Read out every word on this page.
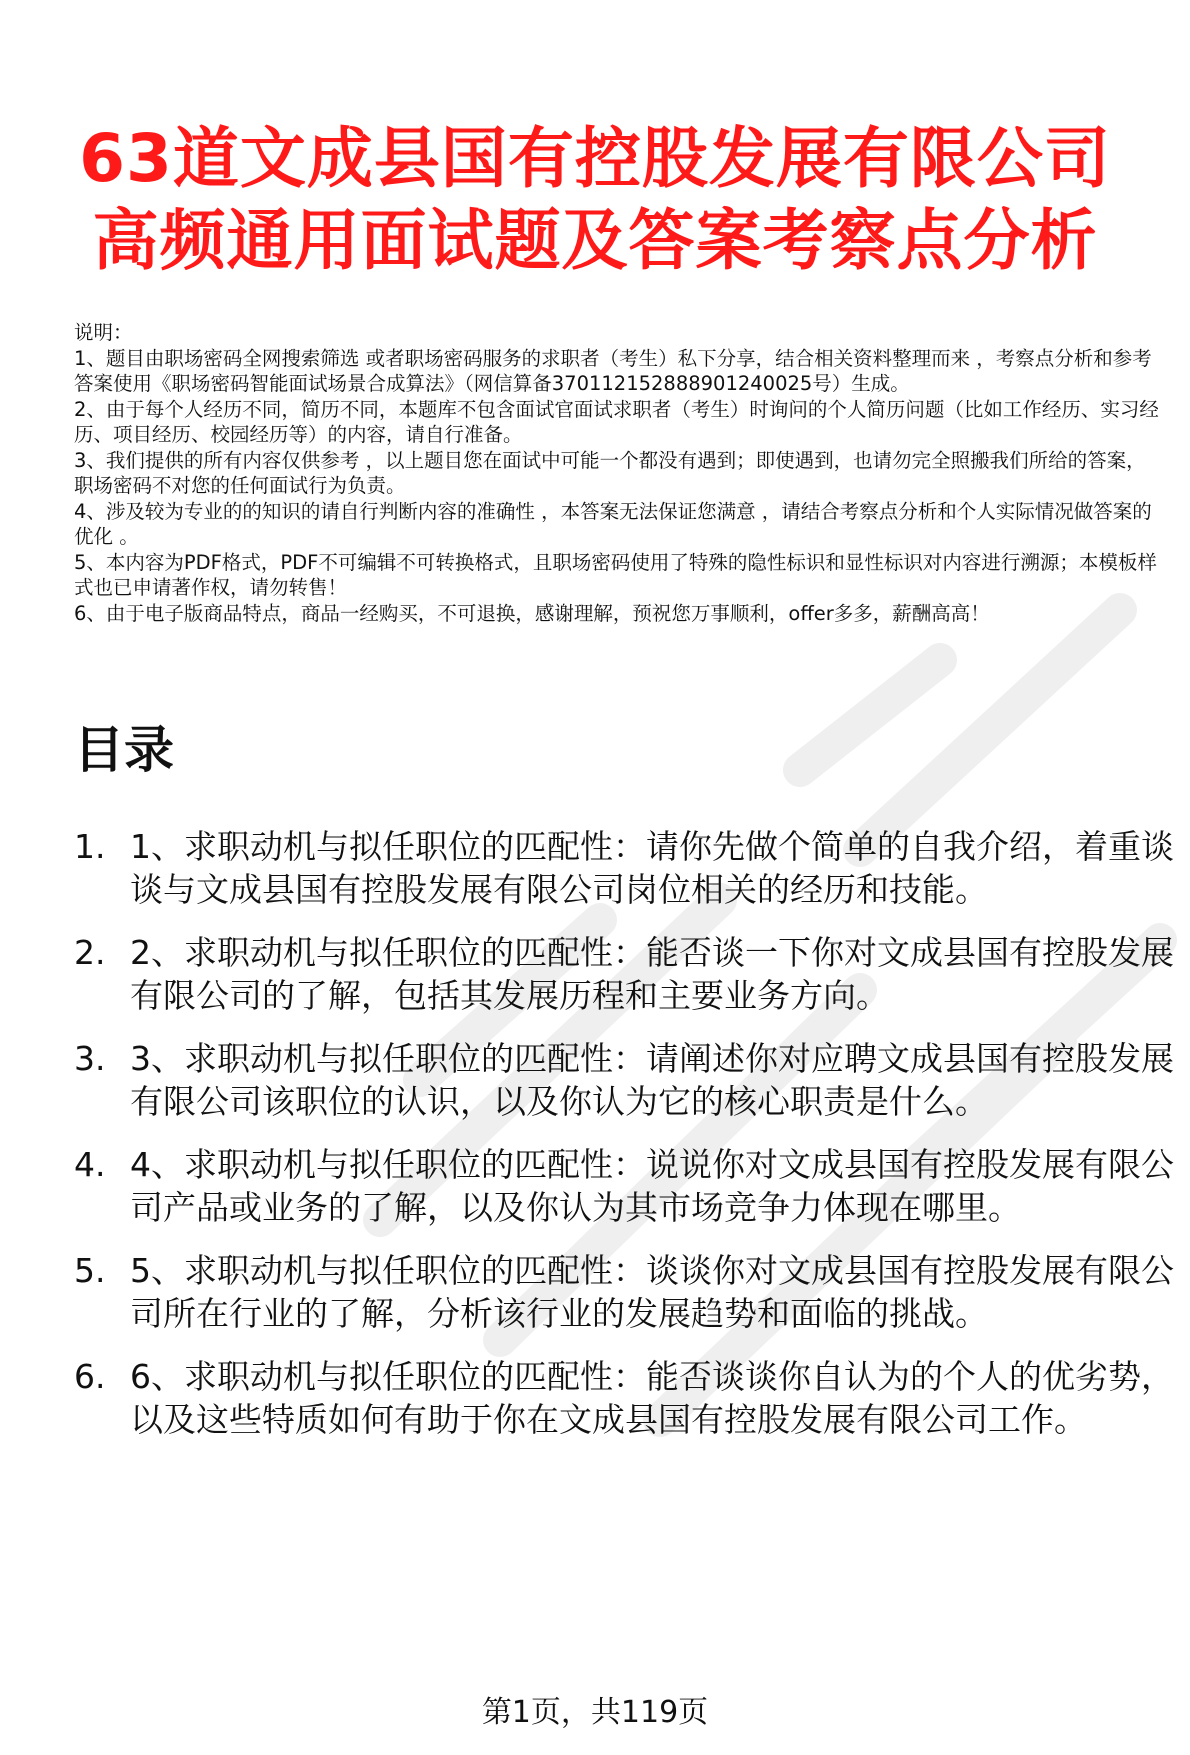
63道文成县国有控股发展有限公司
高频通用面试题及答案考察点分析

说明：

1、题目由职场密码全网搜索筛选 或者职场密码服务的求职者（考生）私下分享，结合相关资料整理而来 ，考察点分析和参考答案使用《职场密码智能面试场景合成算法》（网信算备370112152888901240025号）生成。

2、由于每个人经历不同，简历不同，本题库不包含面试官面试求职者（考生）时询问的个人简历问题（比如工作经历、实习经历、项目经历、校园经历等）的内容，请自行准备。

3、我们提供的所有内容仅供参考 ，以上题目您在面试中可能一个都没有遇到；即使遇到，也请勿完全照搬我们所给的答案，职场密码不对您的任何面试行为负责。

4、涉及较为专业的的知识的请自行判断内容的准确性 ，本答案无法保证您满意 ，请结合考察点分析和个人实际情况做答案的优化 。

5、本内容为PDF格式，PDF不可编辑不可转换格式，且职场密码使用了特殊的隐性标识和显性标识对内容进行溯源；本模板样式也已申请著作权，请勿转售！

6、由于电子版商品特点，商品一经购买，不可退换，感谢理解，预祝您万事顺利，offer多多，薪酬高高！

目录
1. 1、求职动机与拟任职位的匹配性：请你先做个简单的自我介绍，着重谈谈与文成县国有控股发展有限公司岗位相关的经历和技能。
2. 2、求职动机与拟任职位的匹配性：能否谈一下你对文成县国有控股发展有限公司的了解，包括其发展历程和主要业务方向。
3. 3、求职动机与拟任职位的匹配性：请阐述你对应聘文成县国有控股发展有限公司该职位的认识，以及你认为它的核心职责是什么。
4. 4、求职动机与拟任职位的匹配性：说说你对文成县国有控股发展有限公司产品或业务的了解，以及你认为其市场竞争力体现在哪里。
5. 5、求职动机与拟任职位的匹配性：谈谈你对文成县国有控股发展有限公司所在行业的了解，分析该行业的发展趋势和面临的挑战。
6. 6、求职动机与拟任职位的匹配性：能否谈谈你自认为的个人的优劣势，以及这些特质如何有助于你在文成县国有控股发展有限公司工作。
第1页，共119页
